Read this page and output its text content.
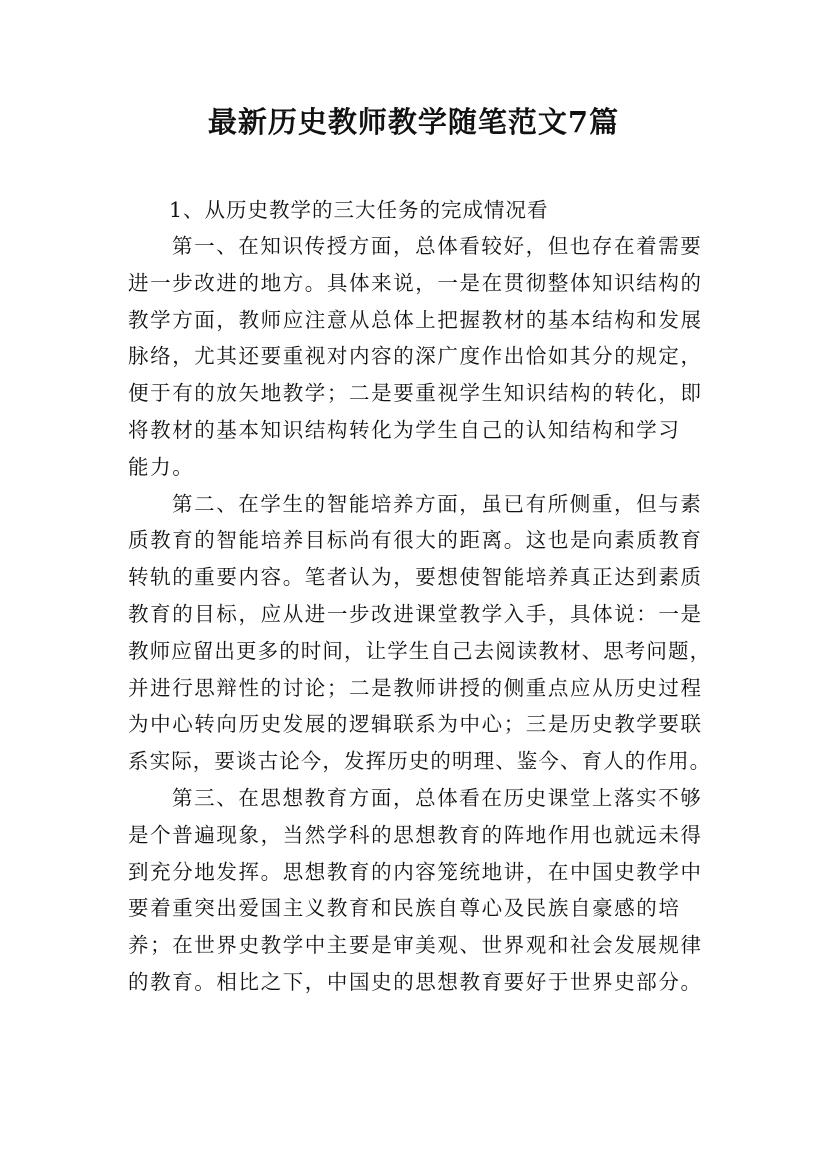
最新历史教师教学随笔范文7篇
1、从历史教学的三大任务的完成情况看
第一、在知识传授方面，总体看较好，但也存在着需要
进一步改进的地方。具体来说，一是在贯彻整体知识结构的
教学方面，教师应注意从总体上把握教材的基本结构和发展
脉络，尤其还要重视对内容的深广度作出恰如其分的规定，
便于有的放矢地教学；二是要重视学生知识结构的转化，即
将教材的基本知识结构转化为学生自己的认知结构和学习
能力。
第二、在学生的智能培养方面，虽已有所侧重，但与素
质教育的智能培养目标尚有很大的距离。这也是向素质教育
转轨的重要内容。笔者认为，要想使智能培养真正达到素质
教育的目标，应从进一步改进课堂教学入手，具体说：一是
教师应留出更多的时间，让学生自己去阅读教材、思考问题，
并进行思辩性的讨论；二是教师讲授的侧重点应从历史过程
为中心转向历史发展的逻辑联系为中心；三是历史教学要联
系实际，要谈古论今，发挥历史的明理、鉴今、育人的作用。
第三、在思想教育方面，总体看在历史课堂上落实不够
是个普遍现象，当然学科的思想教育的阵地作用也就远未得
到充分地发挥。思想教育的内容笼统地讲，在中国史教学中
要着重突出爱国主义教育和民族自尊心及民族自豪感的培
养；在世界史教学中主要是审美观、世界观和社会发展规律
的教育。相比之下，中国史的思想教育要好于世界史部分。
